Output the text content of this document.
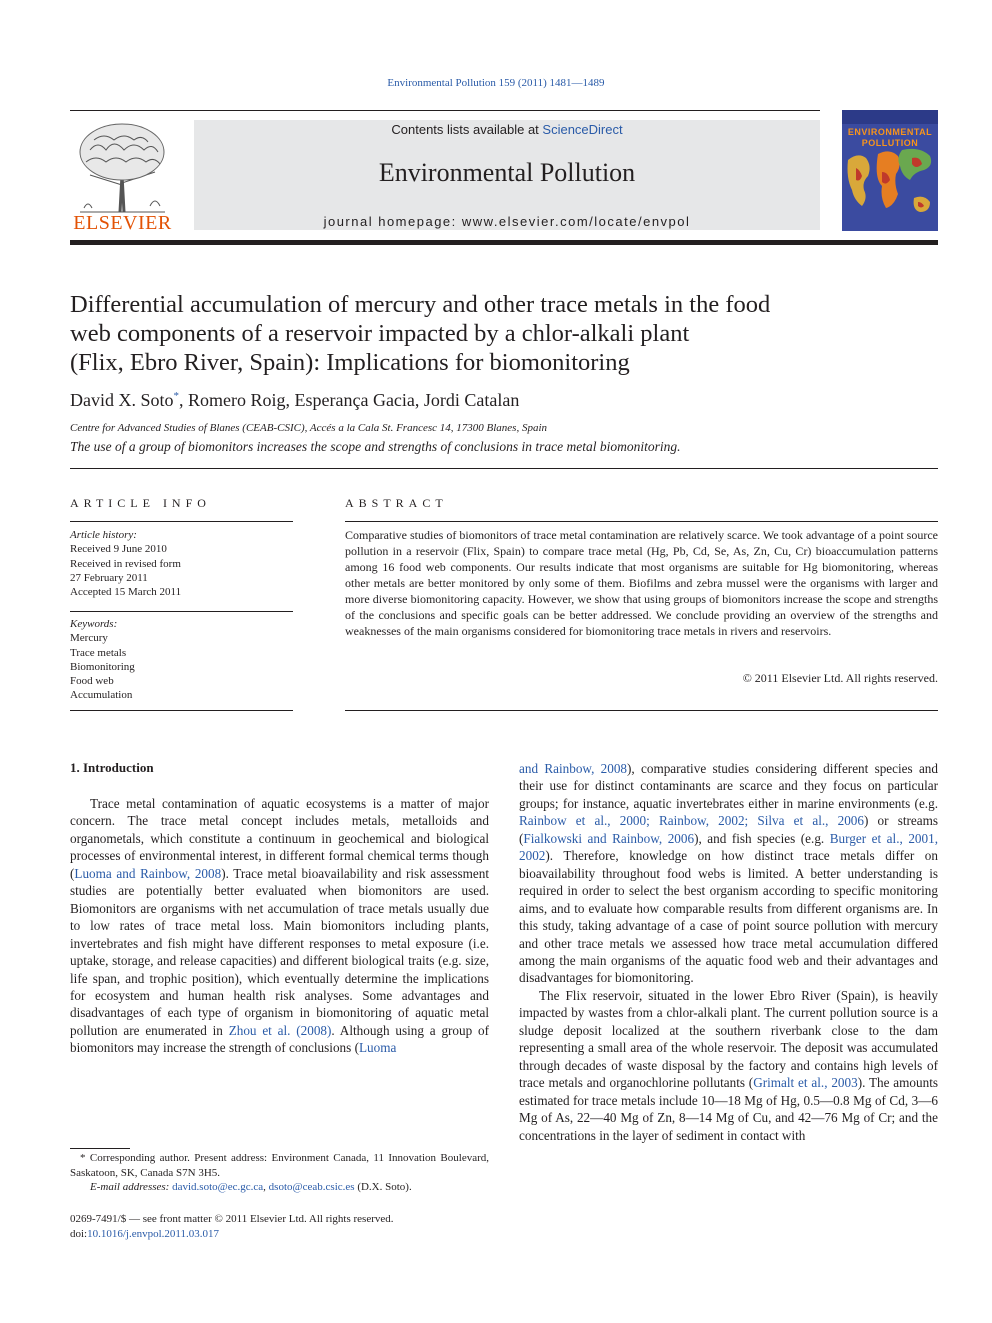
Environmental Pollution 159 (2011) 1481—1489
ELSEVIER
Contents lists available at ScienceDirect
Environmental Pollution
journal homepage: www.elsevier.com/locate/envpol
ENVIRONMENTAL
POLLUTION
Differential accumulation of mercury and other trace metals in the food
web components of a reservoir impacted by a chlor-alkali plant
(Flix, Ebro River, Spain): Implications for biomonitoring
David X. Soto*, Romero Roig, Esperança Gacia, Jordi Catalan
Centre for Advanced Studies of Blanes (CEAB-CSIC), Accés a la Cala St. Francesc 14, 17300 Blanes, Spain
The use of a group of biomonitors increases the scope and strengths of conclusions in trace metal biomonitoring.
ARTICLE INFO
Article history:
Received 9 June 2010
Received in revised form
27 February 2011
Accepted 15 March 2011
Keywords:
Mercury
Trace metals
Biomonitoring
Food web
Accumulation
ABSTRACT
Comparative studies of biomonitors of trace metal contamination are relatively scarce. We took advantage of a point source pollution in a reservoir (Flix, Spain) to compare trace metal (Hg, Pb, Cd, Se, As, Zn, Cu, Cr) bioaccumulation patterns among 16 food web components. Our results indicate that most organisms are suitable for Hg biomonitoring, whereas other metals are better monitored by only some of them. Biofilms and zebra mussel were the organisms with larger and more diverse biomonitoring capacity. However, we show that using groups of biomonitors increase the scope and strengths of the conclusions and specific goals can be better addressed. We conclude providing an overview of the strengths and weaknesses of the main organisms considered for biomonitoring trace metals in rivers and reservoirs.
© 2011 Elsevier Ltd. All rights reserved.
1. Introduction

Trace metal contamination of aquatic ecosystems is a matter of major concern. The trace metal concept includes metals, metalloids and organometals, which constitute a continuum in geochemical and biological processes of environmental interest, in different formal chemical terms though (Luoma and Rainbow, 2008). Trace metal bioavailability and risk assessment studies are potentially better evaluated when biomonitors are used. Biomonitors are organisms with net accumulation of trace metals usually due to low rates of trace metal loss. Main biomonitors including plants, invertebrates and fish might have different responses to metal exposure (i.e. uptake, storage, and release capacities) and different biological traits (e.g. size, life span, and trophic position), which eventually determine the implications for ecosystem and human health risk analyses. Some advantages and disadvantages of each type of organism in biomonitoring of aquatic metal pollution are enumerated in Zhou et al. (2008). Although using a group of biomonitors may increase the strength of conclusions (Luoma

and Rainbow, 2008), comparative studies considering different species and their use for distinct contaminants are scarce and they focus on particular groups; for instance, aquatic invertebrates either in marine environments (e.g. Rainbow et al., 2000; Rainbow, 2002; Silva et al., 2006) or streams (Fialkowski and Rainbow, 2006), and fish species (e.g. Burger et al., 2001, 2002). Therefore, knowledge on how distinct trace metals differ on bioavailability throughout food webs is limited. A better understanding is required in order to select the best organism according to specific monitoring aims, and to evaluate how comparable results from different organisms are. In this study, taking advantage of a case of point source pollution with mercury and other trace metals we assessed how trace metal accumulation differed among the main organisms of the aquatic food web and their advantages and disadvantages for biomonitoring.

The Flix reservoir, situated in the lower Ebro River (Spain), is heavily impacted by wastes from a chlor-alkali plant. The current pollution source is a sludge deposit localized at the southern riverbank close to the dam representing a small area of the whole reservoir. The deposit was accumulated through decades of waste disposal by the factory and contains high levels of trace metals and organochlorine pollutants (Grimalt et al., 2003). The amounts estimated for trace metals include 10—18 Mg of Hg, 0.5—0.8 Mg of Cd, 3—6 Mg of As, 22—40 Mg of Zn, 8—14 Mg of Cu, and 42—76 Mg of Cr; and the concentrations in the layer of sediment in contact with

* Corresponding author. Present address: Environment Canada, 11 Innovation Boulevard, Saskatoon, SK, Canada S7N 3H5.

E-mail addresses: david.soto@ec.gc.ca, dsoto@ceab.csic.es (D.X. Soto).

0269-7491/$ — see front matter © 2011 Elsevier Ltd. All rights reserved.
doi:10.1016/j.envpol.2011.03.017
